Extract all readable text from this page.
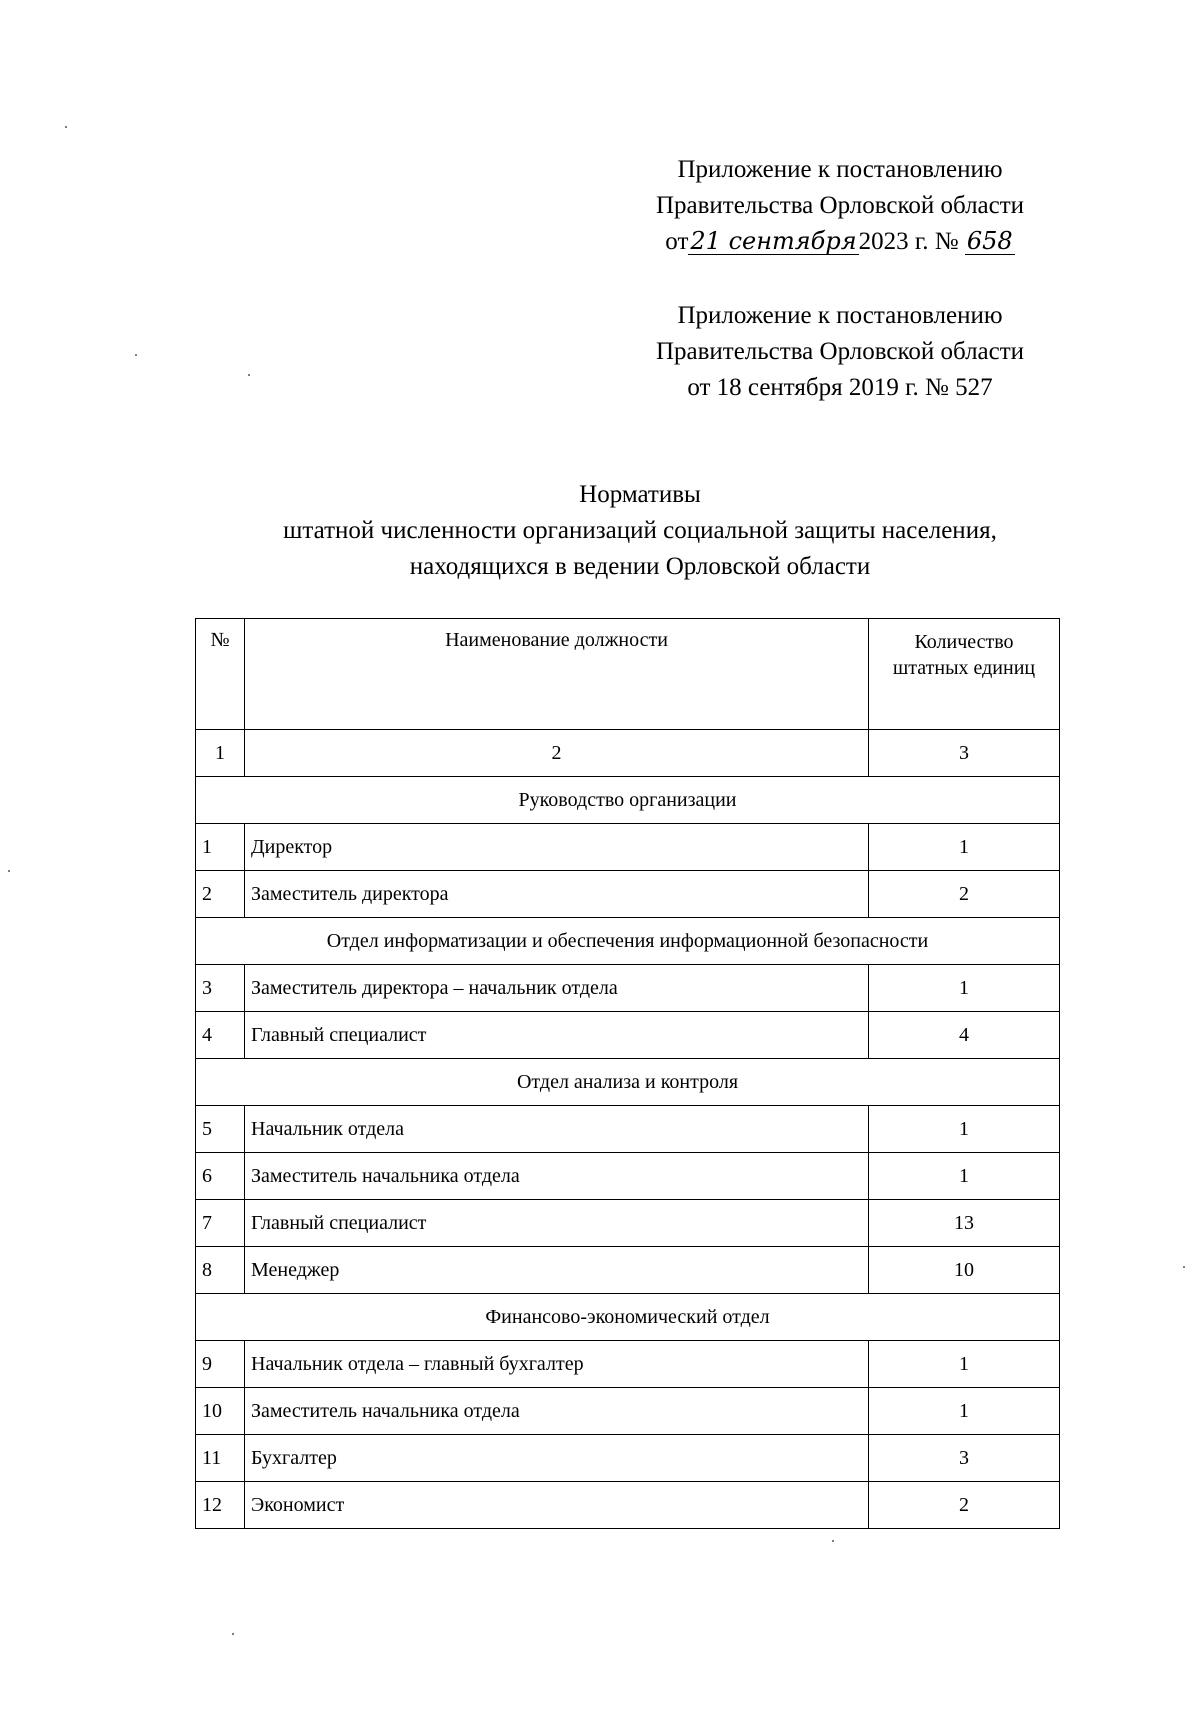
Приложение к постановлению
Правительства Орловской области
от21 сентября2023 г. № 658
Приложение к постановлению
Правительства Орловской области
от 18 сентября 2019 г. № 527
Нормативы
штатной численности организаций социальной защиты населения,
находящихся в ведении Орловской области
№	Наименование должности	Количество штатных единиц
1	2	3
Руководство организации		
1	Директор	1
2	Заместитель директора	2
Отдел информатизации и обеспечения информационной безопасности		
3	Заместитель директора – начальник отдела	1
4	Главный специалист	4
Отдел анализа и контроля		
5	Начальник отдела	1
6	Заместитель начальника отдела	1
7	Главный специалист	13
8	Менеджер	10
Финансово-экономический отдел		
9	Начальник отдела – главный бухгалтер	1
10	Заместитель начальника отдела	1
11	Бухгалтер	3
12	Экономист	2
